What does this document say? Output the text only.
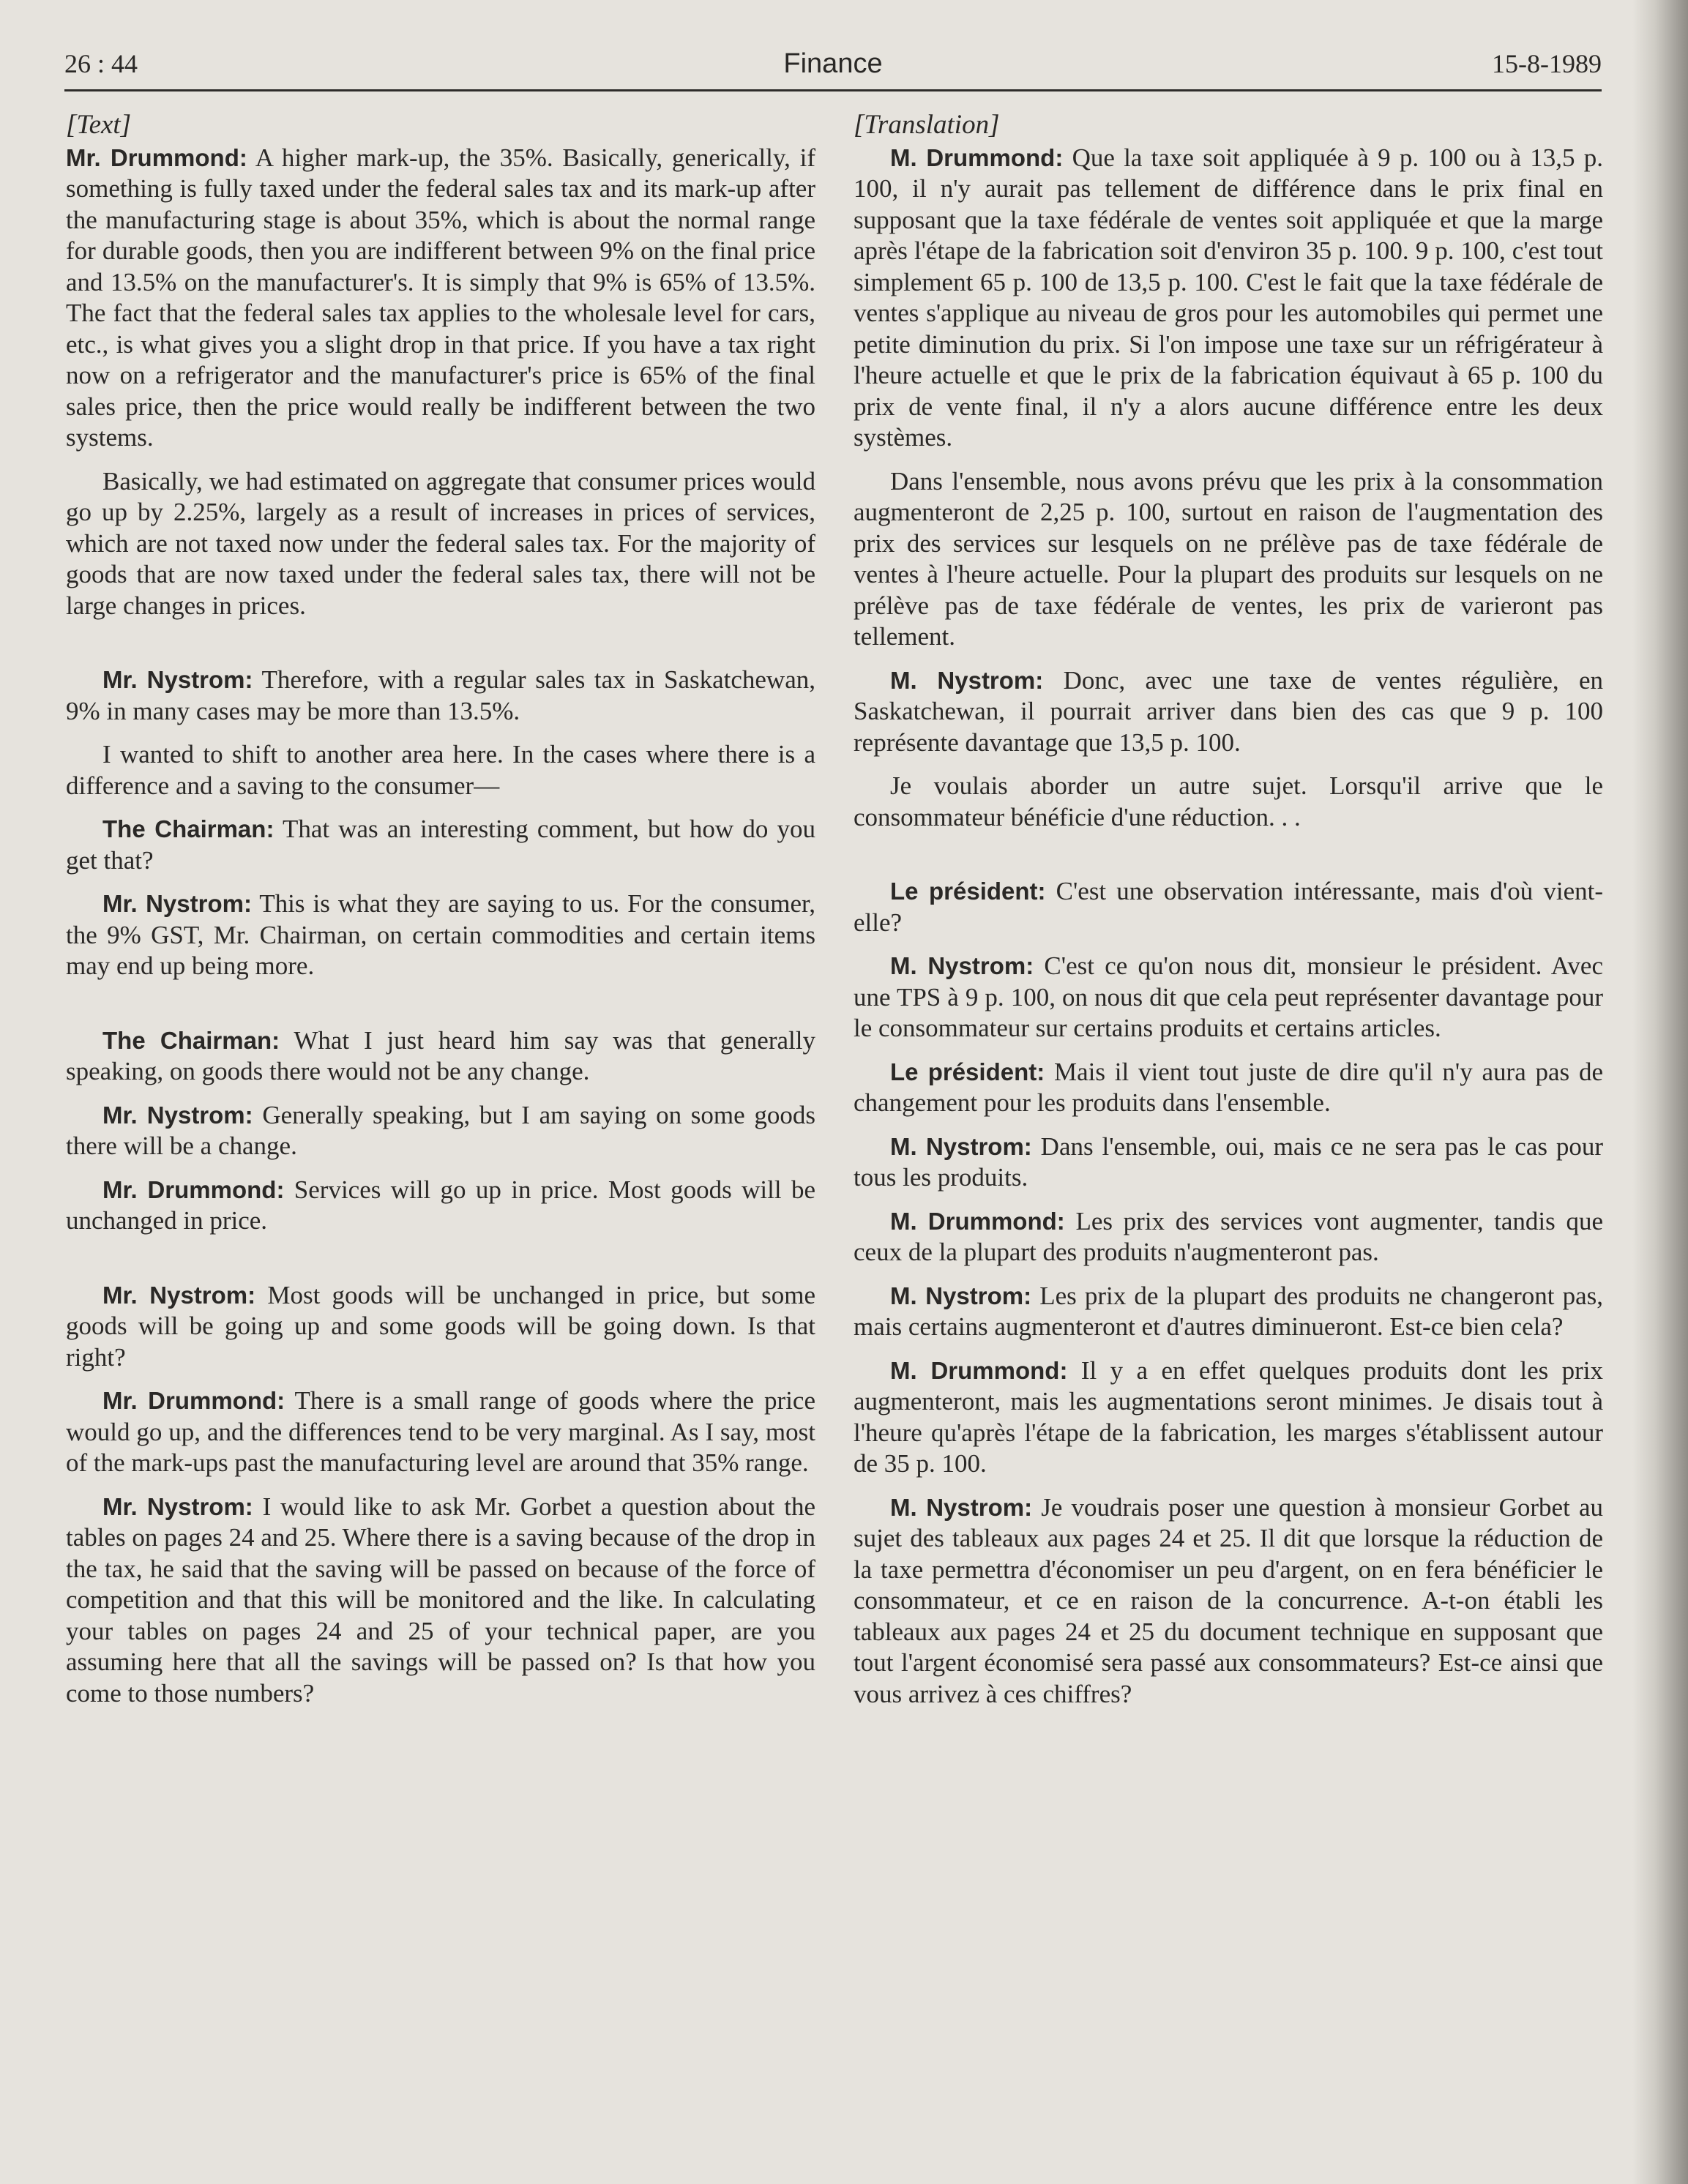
26 : 44	Finance	15-8-1989
[Text]

Mr. Drummond: A higher mark-up, the 35%. Basically, generically, if something is fully taxed under the federal sales tax and its mark-up after the manufacturing stage is about 35%, which is about the normal range for durable goods, then you are indifferent between 9% on the final price and 13.5% on the manufacturer's. It is simply that 9% is 65% of 13.5%. The fact that the federal sales tax applies to the wholesale level for cars, etc., is what gives you a slight drop in that price. If you have a tax right now on a refrigerator and the manufacturer's price is 65% of the final sales price, then the price would really be indifferent between the two systems.

Basically, we had estimated on aggregate that consumer prices would go up by 2.25%, largely as a result of increases in prices of services, which are not taxed now under the federal sales tax. For the majority of goods that are now taxed under the federal sales tax, there will not be large changes in prices.

Mr. Nystrom: Therefore, with a regular sales tax in Saskatchewan, 9% in many cases may be more than 13.5%.

I wanted to shift to another area here. In the cases where there is a difference and a saving to the consumer—

The Chairman: That was an interesting comment, but how do you get that?

Mr. Nystrom: This is what they are saying to us. For the consumer, the 9% GST, Mr. Chairman, on certain commodities and certain items may end up being more.

The Chairman: What I just heard him say was that generally speaking, on goods there would not be any change.

Mr. Nystrom: Generally speaking, but I am saying on some goods there will be a change.

Mr. Drummond: Services will go up in price. Most goods will be unchanged in price.

Mr. Nystrom: Most goods will be unchanged in price, but some goods will be going up and some goods will be going down. Is that right?

Mr. Drummond: There is a small range of goods where the price would go up, and the differences tend to be very marginal. As I say, most of the mark-ups past the manufacturing level are around that 35% range.

Mr. Nystrom: I would like to ask Mr. Gorbet a question about the tables on pages 24 and 25. Where there is a saving because of the drop in the tax, he said that the saving will be passed on because of the force of competition and that this will be monitored and the like. In calculating your tables on pages 24 and 25 of your technical paper, are you assuming here that all the savings will be passed on? Is that how you come to those numbers?

[Translation]

M. Drummond: Que la taxe soit appliquée à 9 p. 100 ou à 13,5 p. 100, il n'y aurait pas tellement de différence dans le prix final en supposant que la taxe fédérale de ventes soit appliquée et que la marge après l'étape de la fabrication soit d'environ 35 p. 100. 9 p. 100, c'est tout simplement 65 p. 100 de 13,5 p. 100. C'est le fait que la taxe fédérale de ventes s'applique au niveau de gros pour les automobiles qui permet une petite diminution du prix. Si l'on impose une taxe sur un réfrigérateur à l'heure actuelle et que le prix de la fabrication équivaut à 65 p. 100 du prix de vente final, il n'y a alors aucune différence entre les deux systèmes.

Dans l'ensemble, nous avons prévu que les prix à la consommation augmenteront de 2,25 p. 100, surtout en raison de l'augmentation des prix des services sur lesquels on ne prélève pas de taxe fédérale de ventes à l'heure actuelle. Pour la plupart des produits sur lesquels on ne prélève pas de taxe fédérale de ventes, les prix de varieront pas tellement.

M. Nystrom: Donc, avec une taxe de ventes régulière, en Saskatchewan, il pourrait arriver dans bien des cas que 9 p. 100 représente davantage que 13,5 p. 100.

Je voulais aborder un autre sujet. Lorsqu'il arrive que le consommateur bénéficie d'une réduction. . .

Le président: C'est une observation intéressante, mais d'où vient-elle?

M. Nystrom: C'est ce qu'on nous dit, monsieur le président. Avec une TPS à 9 p. 100, on nous dit que cela peut représenter davantage pour le consommateur sur certains produits et certains articles.

Le président: Mais il vient tout juste de dire qu'il n'y aura pas de changement pour les produits dans l'ensemble.

M. Nystrom: Dans l'ensemble, oui, mais ce ne sera pas le cas pour tous les produits.

M. Drummond: Les prix des services vont augmenter, tandis que ceux de la plupart des produits n'augmenteront pas.

M. Nystrom: Les prix de la plupart des produits ne changeront pas, mais certains augmenteront et d'autres diminueront. Est-ce bien cela?

M. Drummond: Il y a en effet quelques produits dont les prix augmenteront, mais les augmentations seront minimes. Je disais tout à l'heure qu'après l'étape de la fabrication, les marges s'établissent autour de 35 p. 100.

M. Nystrom: Je voudrais poser une question à monsieur Gorbet au sujet des tableaux aux pages 24 et 25. Il dit que lorsque la réduction de la taxe permettra d'économiser un peu d'argent, on en fera bénéficier le consommateur, et ce en raison de la concurrence. A-t-on établi les tableaux aux pages 24 et 25 du document technique en supposant que tout l'argent économisé sera passé aux consommateurs? Est-ce ainsi que vous arrivez à ces chiffres?
